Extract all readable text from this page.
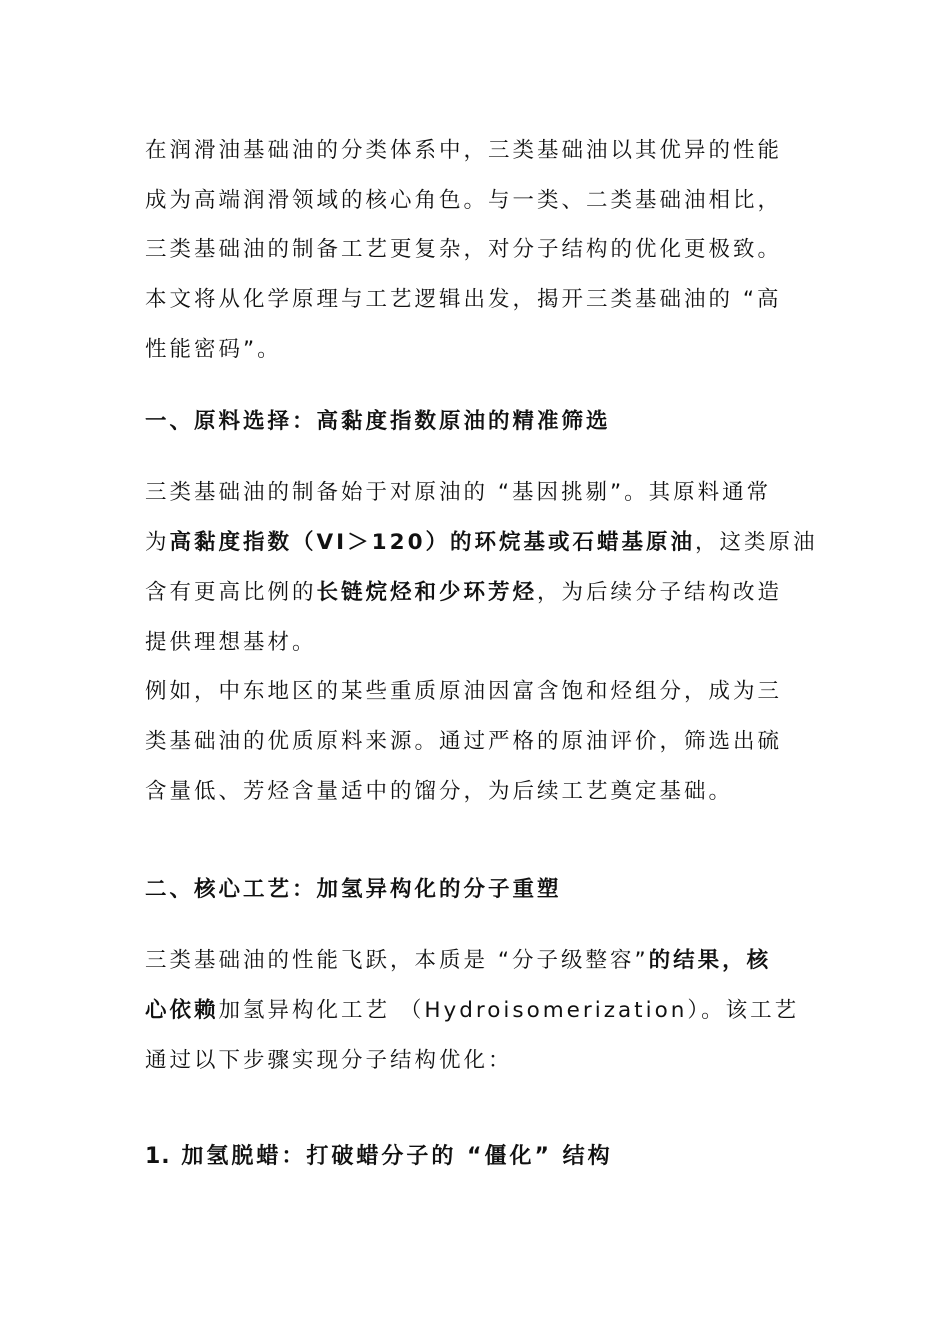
在润滑油基础油的分类体系中，三类基础油以其优异的性能
成为高端润滑领域的核心角色。与一类、二类基础油相比，
三类基础油的制备工艺更复杂，对分子结构的优化更极致。
本文将从化学原理与工艺逻辑出发，揭开三类基础油的 “高
性能密码”。
一、原料选择：高黏度指数原油的精准筛选
三类基础油的制备始于对原油的 “基因挑剔”。其原料通常
为高黏度指数（VI＞120）的环烷基或石蜡基原油，这类原油
含有更高比例的长链烷烃和少环芳烃，为后续分子结构改造
提供理想基材。
例如，中东地区的某些重质原油因富含饱和烃组分，成为三
类基础油的优质原料来源。通过严格的原油评价，筛选出硫
含量低、芳烃含量适中的馏分，为后续工艺奠定基础。
二、核心工艺：加氢异构化的分子重塑
三类基础油的性能飞跃，本质是 “分子级整容”的结果，核
心依赖加氢异构化工艺 （Hydroisomerization）。该工艺
通过以下步骤实现分子结构优化：
1. 加氢脱蜡：打破蜡分子的 “僵化” 结构
